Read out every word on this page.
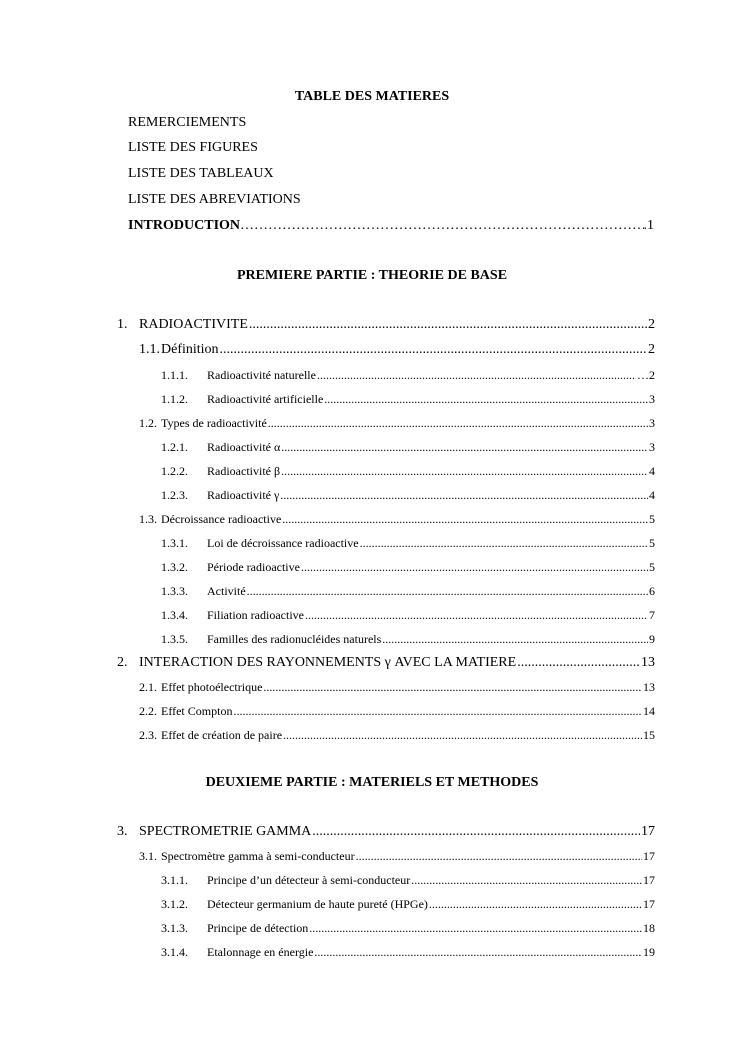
TABLE DES MATIERES
REMERCIEMENTS
LISTE DES FIGURES
LISTE DES TABLEAUX
LISTE DES ABREVIATIONS
INTRODUCTION ……………………………………………………………………………………………………………………………………………	.1
PREMIERE PARTIE : THEORIE DE BASE
1. RADIOACTIVITE .....	2
1.1. Définition .....	2
1.1.1.	Radioactivité naturelle .....	…2
1.1.2.	Radioactivité artificielle .....	3
1.2. Types de radioactivité .....	3
1.2.1.	Radioactivité α .....	3
1.2.2.	Radioactivité β .....	4
1.2.3.	Radioactivité γ .....	4
1.3. Décroissance radioactive .....	5
1.3.1.	Loi de décroissance radioactive .....	5
1.3.2.	Période radioactive .....	5
1.3.3.	Activité .....	6
1.3.4.	Filiation radioactive .....	7
1.3.5.	Familles des radionucléides naturels .....	9
2. INTERACTION DES RAYONNEMENTS γ AVEC LA MATIERE .....	13
2.1. Effet photoélectrique .....	13
2.2. Effet Compton .....	14
2.3. Effet de création de paire .....	15
DEUXIEME PARTIE : MATERIELS ET METHODES
3. SPECTROMETRIE GAMMA .....	17
3.1. Spectromètre gamma à semi-conducteur .....	17
3.1.1.	Principe d’un détecteur à semi-conducteur .....	17
3.1.2.	Détecteur germanium de haute pureté (HPGe) .....	17
3.1.3.	Principe de détection .....	18
3.1.4.	Etalonnage en énergie .....	19
